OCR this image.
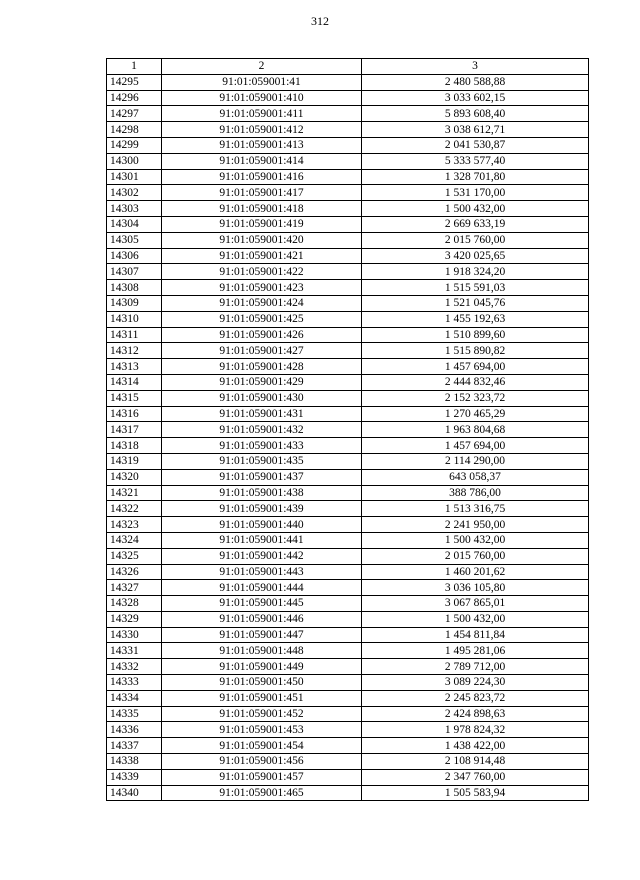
312
1	2	3
14295	91:01:059001:41	2 480 588,88
14296	91:01:059001:410	3 033 602,15
14297	91:01:059001:411	5 893 608,40
14298	91:01:059001:412	3 038 612,71
14299	91:01:059001:413	2 041 530,87
14300	91:01:059001:414	5 333 577,40
14301	91:01:059001:416	1 328 701,80
14302	91:01:059001:417	1 531 170,00
14303	91:01:059001:418	1 500 432,00
14304	91:01:059001:419	2 669 633,19
14305	91:01:059001:420	2 015 760,00
14306	91:01:059001:421	3 420 025,65
14307	91:01:059001:422	1 918 324,20
14308	91:01:059001:423	1 515 591,03
14309	91:01:059001:424	1 521 045,76
14310	91:01:059001:425	1 455 192,63
14311	91:01:059001:426	1 510 899,60
14312	91:01:059001:427	1 515 890,82
14313	91:01:059001:428	1 457 694,00
14314	91:01:059001:429	2 444 832,46
14315	91:01:059001:430	2 152 323,72
14316	91:01:059001:431	1 270 465,29
14317	91:01:059001:432	1 963 804,68
14318	91:01:059001:433	1 457 694,00
14319	91:01:059001:435	2 114 290,00
14320	91:01:059001:437	643 058,37
14321	91:01:059001:438	388 786,00
14322	91:01:059001:439	1 513 316,75
14323	91:01:059001:440	2 241 950,00
14324	91:01:059001:441	1 500 432,00
14325	91:01:059001:442	2 015 760,00
14326	91:01:059001:443	1 460 201,62
14327	91:01:059001:444	3 036 105,80
14328	91:01:059001:445	3 067 865,01
14329	91:01:059001:446	1 500 432,00
14330	91:01:059001:447	1 454 811,84
14331	91:01:059001:448	1 495 281,06
14332	91:01:059001:449	2 789 712,00
14333	91:01:059001:450	3 089 224,30
14334	91:01:059001:451	2 245 823,72
14335	91:01:059001:452	2 424 898,63
14336	91:01:059001:453	1 978 824,32
14337	91:01:059001:454	1 438 422,00
14338	91:01:059001:456	2 108 914,48
14339	91:01:059001:457	2 347 760,00
14340	91:01:059001:465	1 505 583,94
